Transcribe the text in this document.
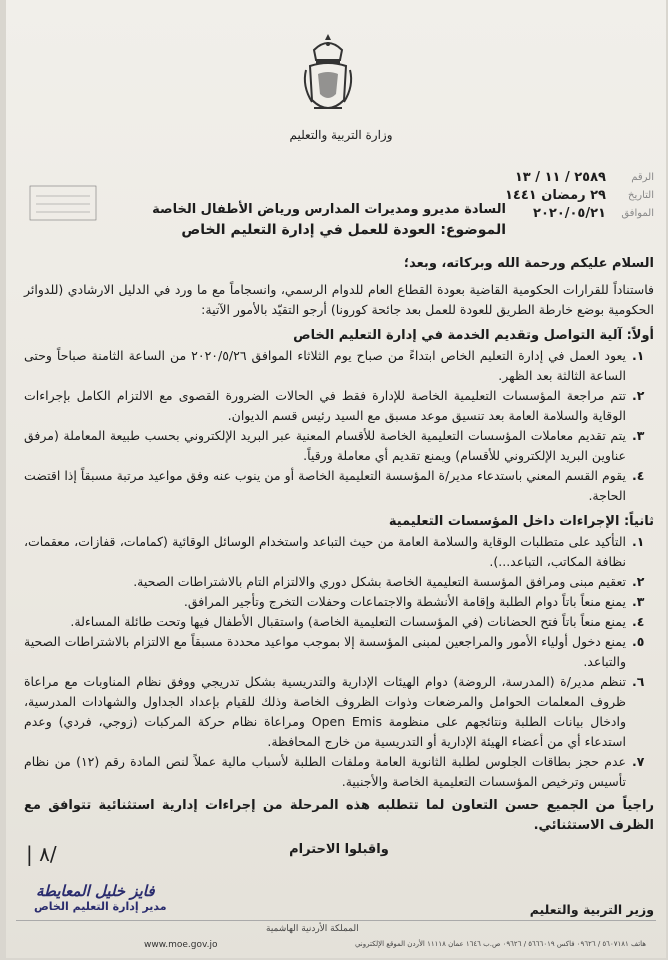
وزارة التربية والتعليم
الرقم
٢٥٨٩ / ١١ / ١٣
التاريخ
٢٩ رمضان ١٤٤١
الموافق
٢٠٢٠/٠٥/٢١
السادة مديرو ومديرات المدارس ورياض الأطفال الخاصة
الموضوع: العودة للعمل في إدارة التعليم الخاص
السلام عليكم ورحمة الله وبركاته، وبعد؛
فاستناداً للقرارات الحكومية القاضية بعودة القطاع العام للدوام الرسمي، وانسجاماً مع ما ورد في الدليل الارشادي (للدوائر الحكومية بوضع خارطة الطريق للعودة للعمل بعد جائحة كورونا) أرجو التقيّد بالأمور الآتية:
أولاً: آلية التواصل وتقديم الخدمة في إدارة التعليم الخاص
١.
يعود العمل في إدارة التعليم الخاص ابتداءً من صباح يوم الثلاثاء الموافق ٢٠٢٠/٥/٢٦ من الساعة الثامنة صباحاً وحتى الساعة الثالثة بعد الظهر.
٢.
تتم مراجعة المؤسسات التعليمية الخاصة للإدارة فقط في الحالات الضرورة القصوى مع الالتزام الكامل بإجراءات الوقاية والسلامة العامة بعد تنسيق موعد مسبق مع السيد رئيس قسم الديوان.
٣.
يتم تقديم معاملات المؤسسات التعليمية الخاصة للأقسام المعنية عبر البريد الإلكتروني بحسب طبيعة المعاملة (مرفق عناوين البريد الإلكتروني للأقسام) ويمنع تقديم أي معاملة ورقياً.
٤.
يقوم القسم المعني باستدعاء مدير/ة المؤسسة التعليمية الخاصة أو من ينوب عنه وفق مواعيد مرتبة مسبقاً إذا اقتضت الحاجة.
ثانياً: الإجراءات داخل المؤسسات التعليمية
١.
التأكيد على متطلبات الوقاية والسلامة العامة من حيث التباعد واستخدام الوسائل الوقائية (كمامات، قفازات، معقمات، نظافة المكاتب، التباعد...).
٢.
تعقيم مبنى ومرافق المؤسسة التعليمية الخاصة بشكل دوري والالتزام التام بالاشتراطات الصحية.
٣.
يمنع منعاً باتاً دوام الطلبة وإقامة الأنشطة والاجتماعات وحفلات التخرج وتأجير المرافق.
٤.
يمنع منعاً باتاً فتح الحضانات (في المؤسسات التعليمية الخاصة) واستقبال الأطفال فيها وتحت طائلة المساءلة.
٥.
يمنع دخول أولياء الأمور والمراجعين لمبنى المؤسسة إلا بموجب مواعيد محددة مسبقاً مع الالتزام بالاشتراطات الصحية والتباعد.
٦.
تنظم مدير/ة (المدرسة، الروضة) دوام الهيئات الإدارية والتدريسية بشكل تدريجي ووفق نظام المناوبات مع مراعاة ظروف المعلمات الحوامل والمرضعات وذوات الظروف الخاصة وذلك للقيام بإعداد الجداول والشهادات المدرسية، وادخال بيانات الطلبة ونتائجهم على منظومة Open Emis ومراعاة نظام حركة المركبات (زوجي، فردي) وعدم استدعاء أي من أعضاء الهيئة الإدارية أو التدريسية من خارج المحافظة.
٧.
عدم حجز بطاقات الجلوس لطلبة الثانوية العامة وملفات الطلبة لأسباب مالية عملاً لنص المادة رقم (١٢) من نظام تأسيس وترخيص المؤسسات التعليمية الخاصة والأجنبية.
راجياً من الجميع حسن التعاون لما تتطلبه هذه المرحلة من إجراءات إدارية استثنائية تتوافق مع الظرف الاستثنائي.
واقبلوا الاحترام
وزير التربية والتعليم
/٨ |
فايز خليل المعايطة
مدير إدارة التعليم الخاص
المملكة الأردنية الهاشمية
هاتف ٥٦٠٧١٨١ / ٠٩٦٢٦ فاكس ٥٦٦٦٠١٩ / ٠٩٦٢٦ ص.ب ١٦٤٦ عمان ١١١١٨ الأردن الموقع الإلكتروني
www.moe.gov.jo
